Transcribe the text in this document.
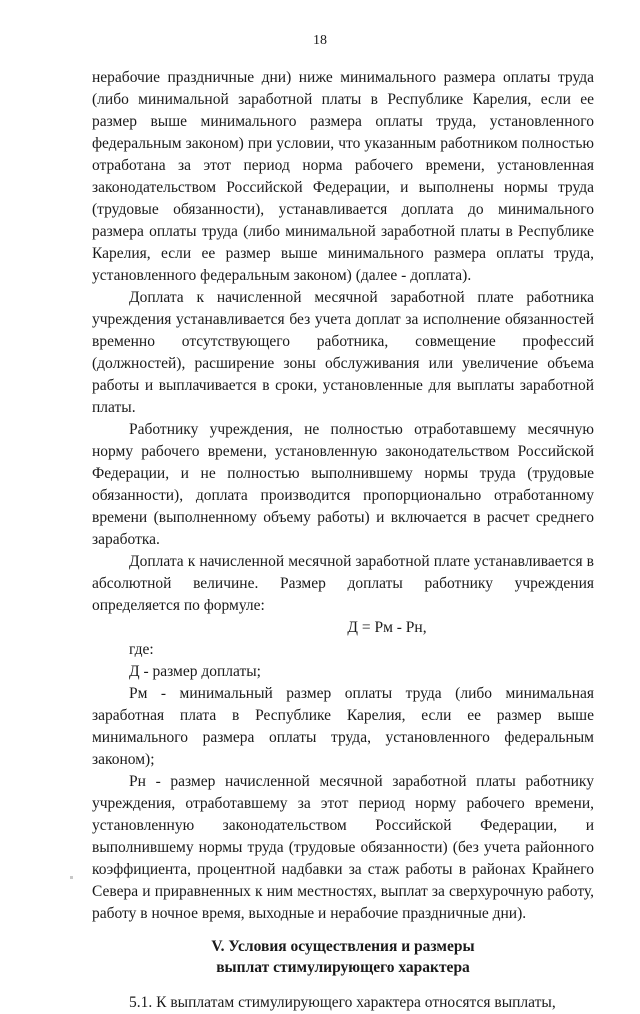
18

нерабочие праздничные дни) ниже минимального размера оплаты труда (либо минимальной заработной платы в Республике Карелия, если ее размер выше минимального размера оплаты труда, установленного федеральным законом) при условии, что указанным работником полностью отработана за этот период норма рабочего времени, установленная законодательством Российской Федерации, и выполнены нормы труда (трудовые обязанности), устанавливается доплата до минимального размера оплаты труда (либо минимальной заработной платы в Республике Карелия, если ее размер выше минимального размера оплаты труда, установленного федеральным законом) (далее - доплата).

Доплата к начисленной месячной заработной плате работника учреждения устанавливается без учета доплат за исполнение обязанностей временно отсутствующего работника, совмещение профессий (должностей), расширение зоны обслуживания или увеличение объема работы и выплачивается в сроки, установленные для выплаты заработной платы.

Работнику учреждения, не полностью отработавшему месячную норму рабочего времени, установленную законодательством Российской Федерации, и не полностью выполнившему нормы труда (трудовые обязанности), доплата производится пропорционально отработанному времени (выполненному объему работы) и включается в расчет среднего заработка.

Доплата к начисленной месячной заработной плате устанавливается в абсолютной величине. Размер доплаты работнику учреждения определяется по формуле:

Д = Рм - Рн,

где:

Д - размер доплаты;

Рм - минимальный размер оплаты труда (либо минимальная заработная плата в Республике Карелия, если ее размер выше минимального размера оплаты труда, установленного федеральным законом);

Рн - размер начисленной месячной заработной платы работнику учреждения, отработавшему за этот период норму рабочего времени, установленную законодательством Российской Федерации, и выполнившему нормы труда (трудовые обязанности) (без учета районного коэффициента, процентной надбавки за стаж работы в районах Крайнего Севера и приравненных к ним местностях, выплат за сверхурочную работу, работу в ночное время, выходные и нерабочие праздничные дни).

V. Условия осуществления и размеры

выплат стимулирующего характера

5.1. К выплатам стимулирующего характера относятся выплаты,
